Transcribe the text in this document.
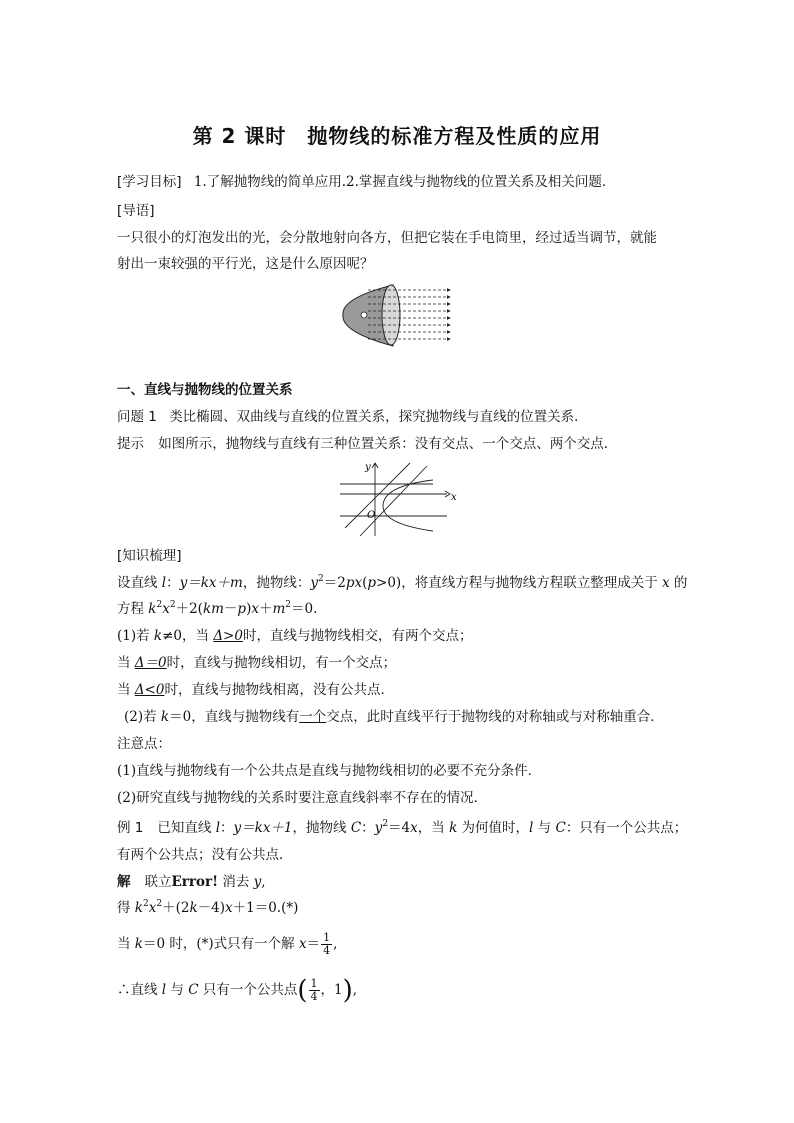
第 2 课时　抛物线的标准方程及性质的应用
[学习目标] 1.了解抛物线的简单应用.2.掌握直线与抛物线的位置关系及相关问题．
[导语]
一只很小的灯泡发出的光，会分散地射向各方，但把它装在手电筒里，经过适当调节，就能
射出一束较强的平行光，这是什么原因呢？
一、直线与抛物线的位置关系
问题 1 类比椭圆、双曲线与直线的位置关系，探究抛物线与直线的位置关系．
提示 如图所示，抛物线与直线有三种位置关系：没有交点、一个交点、两个交点．
x
y
O
[知识梳理]
设直线 l：y＝kx＋m，抛物线：$y^2=2px(p>0)$，将直线方程与抛物线方程联立整理成关于 x 的
方程 $k^2x^2+2(km-p)x+m^2=0$.
(1)若 k≠0，当 Δ>0时，直线与抛物线相交，有两个交点；
当 Δ＝0时，直线与抛物线相切，有一个交点；
当 Δ<0时，直线与抛物线相离，没有公共点．
(2)若 k＝0，直线与抛物线有一个交点，此时直线平行于抛物线的对称轴或与对称轴重合．
注意点：
(1)直线与抛物线有一个公共点是直线与抛物线相切的必要不充分条件．
(2)研究直线与抛物线的关系时要注意直线斜率不存在的情况．
例 1 已知直线 l：y＝kx＋1，抛物线 C：$y^2=4x$，当 k 为何值时，l 与 C：只有一个公共点；
有两个公共点；没有公共点．
解 联立Error! 消去 y,
得 $k^2x^2+(2k-4)x+1=0.(*)$
当 k＝0 时，(*)式只有一个解 $x= \frac{1}{4}$ ,
∴直线 l 与 C 只有一个公共点( $\frac{1}{4}$ ，1),
